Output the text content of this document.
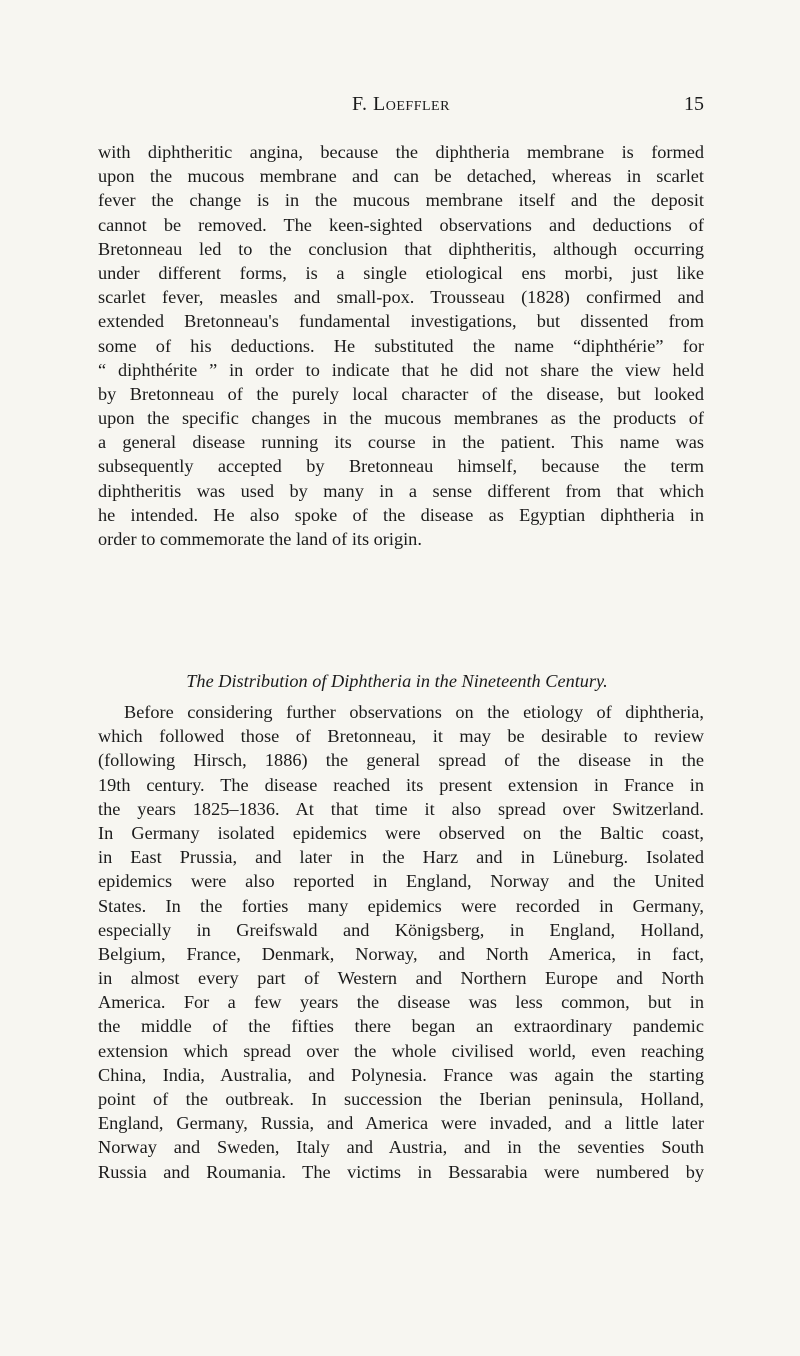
F. Loeffler	15
with diphtheritic angina, because the diphtheria membrane is formed
upon the mucous membrane and can be detached, whereas in scarlet
fever the change is in the mucous membrane itself and the deposit
cannot be removed. The keen-sighted observations and deductions of
Bretonneau led to the conclusion that diphtheritis, although occurring
under different forms, is a single etiological ens morbi, just like
scarlet fever, measles and small-pox. Trousseau (1828) confirmed and
extended Bretonneau's fundamental investigations, but dissented from
some of his deductions. He substituted the name “diphthérie” for
“ diphthérite ” in order to indicate that he did not share the view held
by Bretonneau of the purely local character of the disease, but looked
upon the specific changes in the mucous membranes as the products of
a general disease running its course in the patient. This name was
subsequently accepted by Bretonneau himself, because the term
diphtheritis was used by many in a sense different from that which
he intended. He also spoke of the disease as Egyptian diphtheria in
order to commemorate the land of its origin.
The Distribution of Diphtheria in the Nineteenth Century.
Before considering further observations on the etiology of diphtheria,
which followed those of Bretonneau, it may be desirable to review
(following Hirsch, 1886) the general spread of the disease in the
19th century. The disease reached its present extension in France in
the years 1825–1836. At that time it also spread over Switzerland.
In Germany isolated epidemics were observed on the Baltic coast,
in East Prussia, and later in the Harz and in Lüneburg. Isolated
epidemics were also reported in England, Norway and the United
States. In the forties many epidemics were recorded in Germany,
especially in Greifswald and Königsberg, in England, Holland,
Belgium, France, Denmark, Norway, and North America, in fact,
in almost every part of Western and Northern Europe and North
America. For a few years the disease was less common, but in
the middle of the fifties there began an extraordinary pandemic
extension which spread over the whole civilised world, even reaching
China, India, Australia, and Polynesia. France was again the starting
point of the outbreak. In succession the Iberian peninsula, Holland,
England, Germany, Russia, and America were invaded, and a little later
Norway and Sweden, Italy and Austria, and in the seventies South
Russia and Roumania. The victims in Bessarabia were numbered by
